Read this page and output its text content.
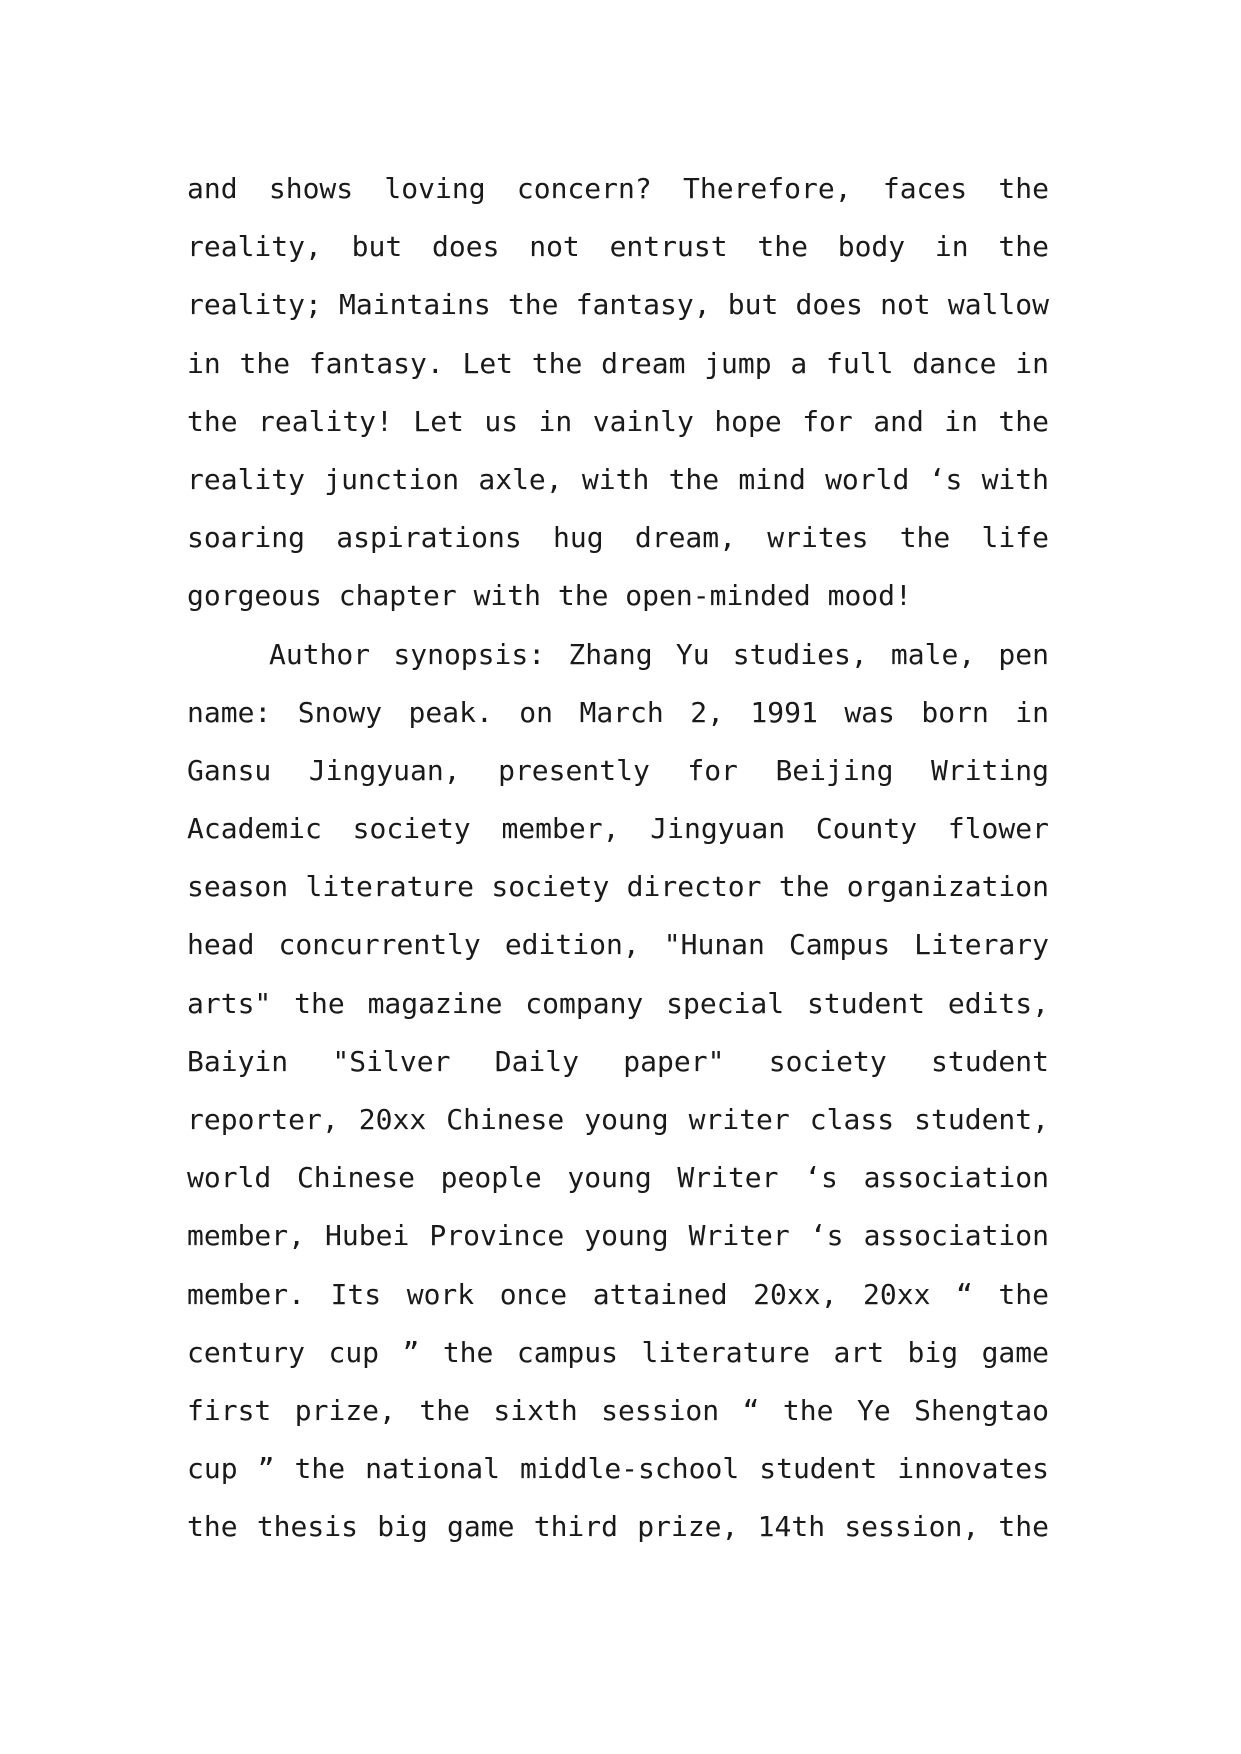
and shows loving concern? Therefore, faces the
reality, but does not entrust the body in the
reality; Maintains the fantasy, but does not wallow
in the fantasy. Let the dream jump a full dance in
the reality! Let us in vainly hope for and in the
reality junction axle, with the mind world ‘s with
soaring aspirations hug dream, writes the life
gorgeous chapter with the open-minded mood!
Author synopsis: Zhang Yu studies, male, pen
name: Snowy peak. on March 2, 1991 was born in
Gansu Jingyuan, presently for Beijing Writing
Academic society member, Jingyuan County flower
season literature society director the organization
head concurrently edition, "Hunan Campus Literary
arts" the magazine company special student edits,
Baiyin "Silver Daily paper" society student
reporter, 20xx Chinese young writer class student,
world Chinese people young Writer ‘s association
member, Hubei Province young Writer ‘s association
member. Its work once attained 20xx, 20xx “ the
century cup ” the campus literature art big game
first prize, the sixth session “ the Ye Shengtao
cup ” the national middle-school student innovates
the thesis big game third prize, 14th session, the
